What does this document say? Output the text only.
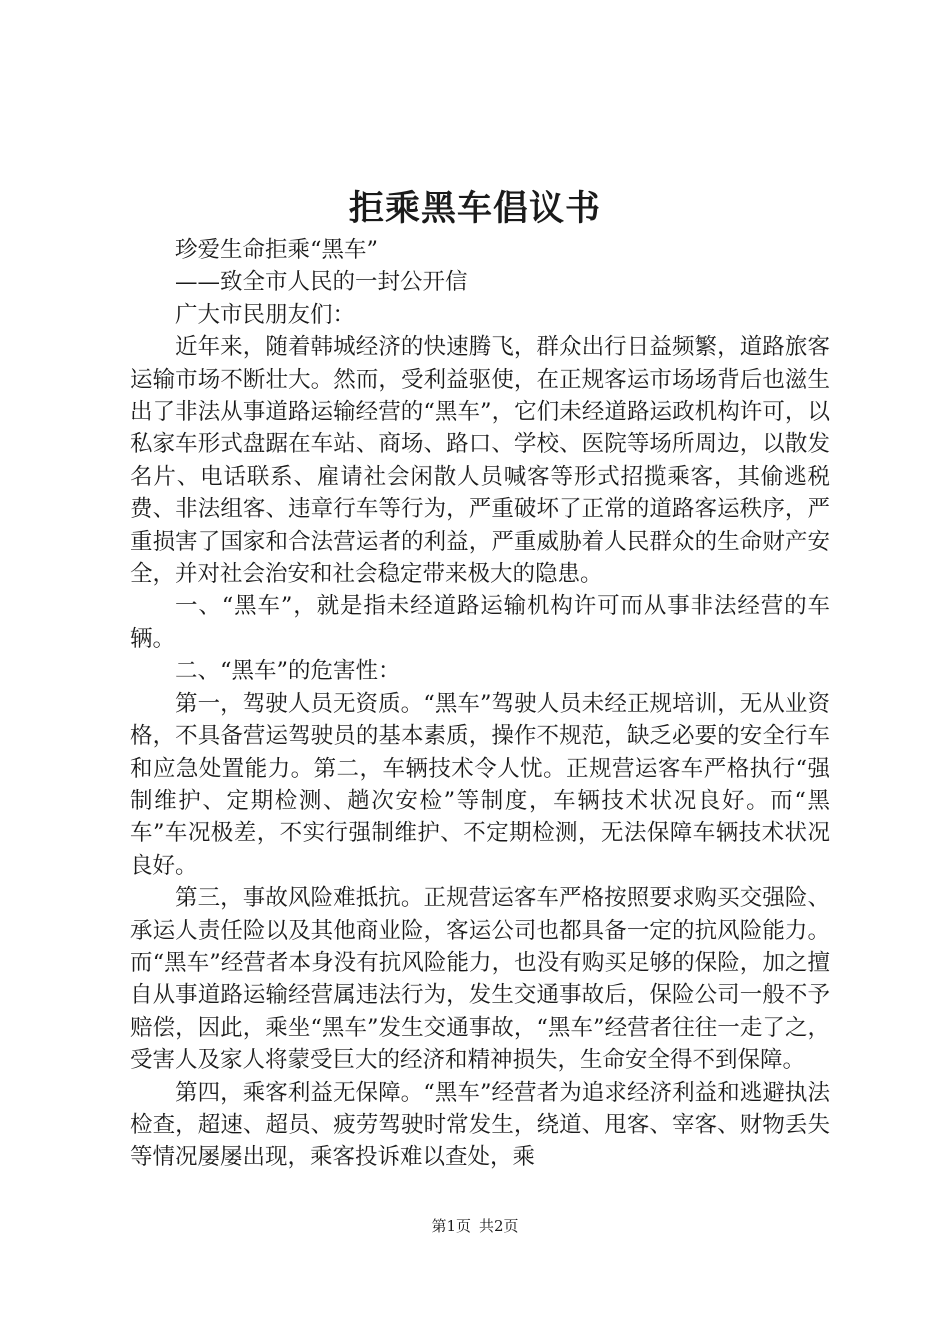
拒乘黑车倡议书

珍爱生命拒乘“黑车”

——致全市人民的一封公开信

广大市民朋友们：

近年来，随着韩城经济的快速腾飞，群众出行日益频繁，道路旅客运输市场不断壮大。然而，受利益驱使，在正规客运市场场背后也滋生出了非法从事道路运输经营的“黑车”，它们未经道路运政机构许可，以私家车形式盘踞在车站、商场、路口、学校、医院等场所周边，以散发名片、电话联系、雇请社会闲散人员喊客等形式招揽乘客，其偷逃税费、非法组客、违章行车等行为，严重破坏了正常的道路客运秩序，严重损害了国家和合法营运者的利益，严重威胁着人民群众的生命财产安全，并对社会治安和社会稳定带来极大的隐患。

一、“黑车”，就是指未经道路运输机构许可而从事非法经营的车辆。

二、“黑车”的危害性：

第一，驾驶人员无资质。“黑车”驾驶人员未经正规培训，无从业资格，不具备营运驾驶员的基本素质，操作不规范，缺乏必要的安全行车和应急处置能力。第二，车辆技术令人忧。正规营运客车严格执行“强制维护、定期检测、趟次安检”等制度，车辆技术状况良好。而“黑车”车况极差，不实行强制维护、不定期检测，无法保障车辆技术状况良好。

第三，事故风险难抵抗。正规营运客车严格按照要求购买交强险、承运人责任险以及其他商业险，客运公司也都具备一定的抗风险能力。而“黑车”经营者本身没有抗风险能力，也没有购买足够的保险，加之擅自从事道路运输经营属违法行为，发生交通事故后，保险公司一般不予赔偿，因此，乘坐“黑车”发生交通事故，“黑车”经营者往往一走了之，受害人及家人将蒙受巨大的经济和精神损失，生命安全得不到保障。

第四，乘客利益无保障。“黑车”经营者为追求经济利益和逃避执法检查，超速、超员、疲劳驾驶时常发生，绕道、甩客、宰客、财物丢失等情况屡屡出现，乘客投诉难以查处，乘

第1页 共2页
